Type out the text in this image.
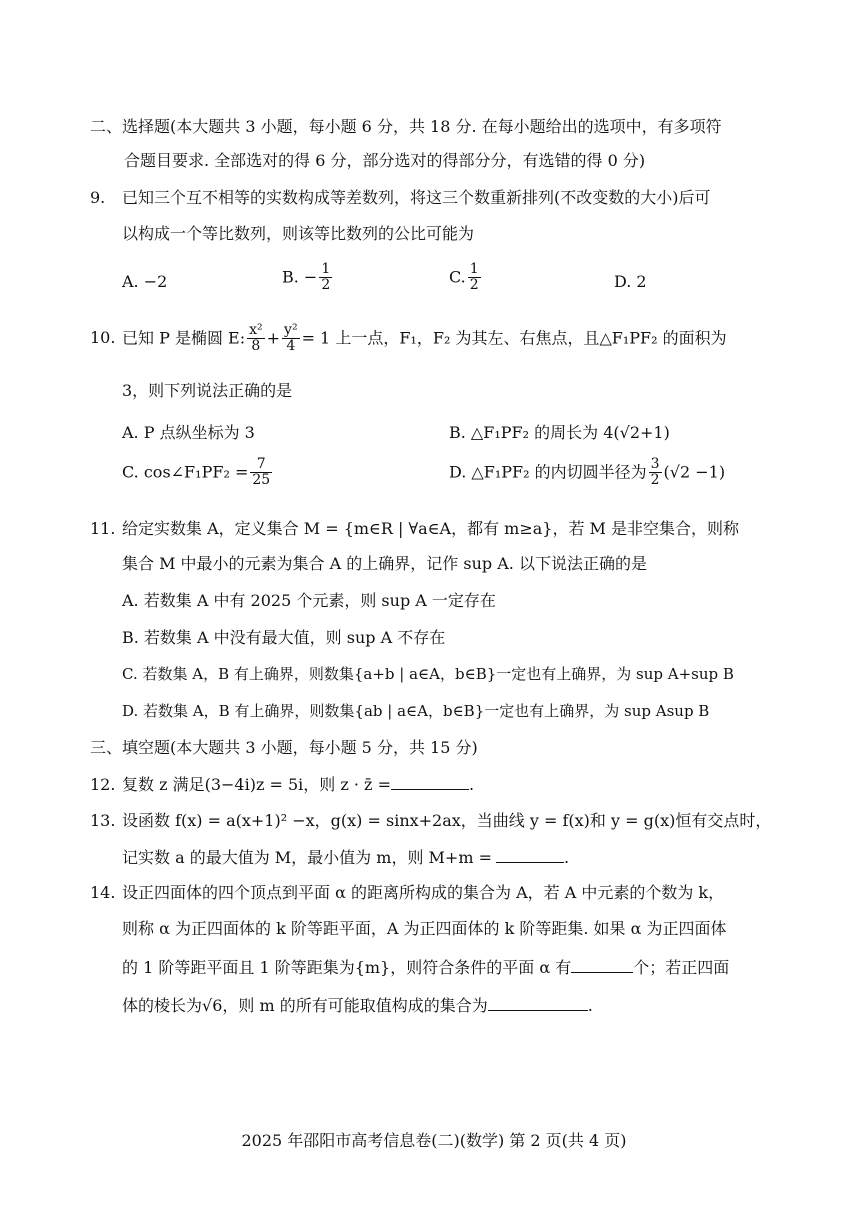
二、选择题(本大题共 3 小题，每小题 6 分，共 18 分. 在每小题给出的选项中，有多项符
合题目要求. 全部选对的得 6 分，部分选对的得部分分，有选错的得 0 分)
9. 已知三个互不相等的实数构成等差数列，将这三个数重新排列(不改变数的大小)后可
以构成一个等比数列，则该等比数列的公比可能为
A. −2	B. − $\frac{1}{2}$	C. $\frac{1}{2}$	D. 2
10. 已知 P 是椭圆 E: $\frac{\text{x²}}{8} + \frac{\text{y²}}{4} = 1$ 上一点，F₁，F₂ 为其左、右焦点，且△F₁PF₂ 的面积为
3，则下列说法正确的是
A. P 点纵坐标为 3	B. △F₁PF₂ 的周长为 4(√2+1)
C. cos∠F₁PF₂ = $\frac{7}{25}$	D. △F₁PF₂ 的内切圆半径为 $\frac{3}{2} (√2 -1)$
11. 给定实数集 A，定义集合 M = {m∈R | ∀a∈A，都有 m≥a}，若 M 是非空集合，则称
集合 M 中最小的元素为集合 A 的上确界，记作 sup A. 以下说法正确的是
A. 若数集 A 中有 2025 个元素，则 sup A 一定存在
B. 若数集 A 中没有最大值，则 sup A 不存在
C. 若数集 A，B 有上确界，则数集{a+b | a∈A，b∈B}一定也有上确界，为 sup A+sup B
D. 若数集 A，B 有上确界，则数集{ab | a∈A，b∈B}一定也有上确界，为 sup Asup B
三、填空题(本大题共 3 小题，每小题 5 分，共 15 分)
12. 复数 z 满足(3−4i)z = 5i，则 z · z̄ =	.
13. 设函数 f(x) = a(x+1)² −x，g(x) = sinx+2ax，当曲线 y = f(x)和 y = g(x)恒有交点时，
记实数 a 的最大值为 M，最小值为 m，则 M+m =	.
14. 设正四面体的四个顶点到平面 α 的距离所构成的集合为 A，若 A 中元素的个数为 k，
则称 α 为正四面体的 k 阶等距平面，A 为正四面体的 k 阶等距集. 如果 α 为正四面体
的 1 阶等距平面且 1 阶等距集为{m}，则符合条件的平面 α 有	个；若正四面
体的棱长为√6，则 m 的所有可能取值构成的集合为	.
2025 年邵阳市高考信息卷(二)(数学) 第 2 页(共 4 页)
